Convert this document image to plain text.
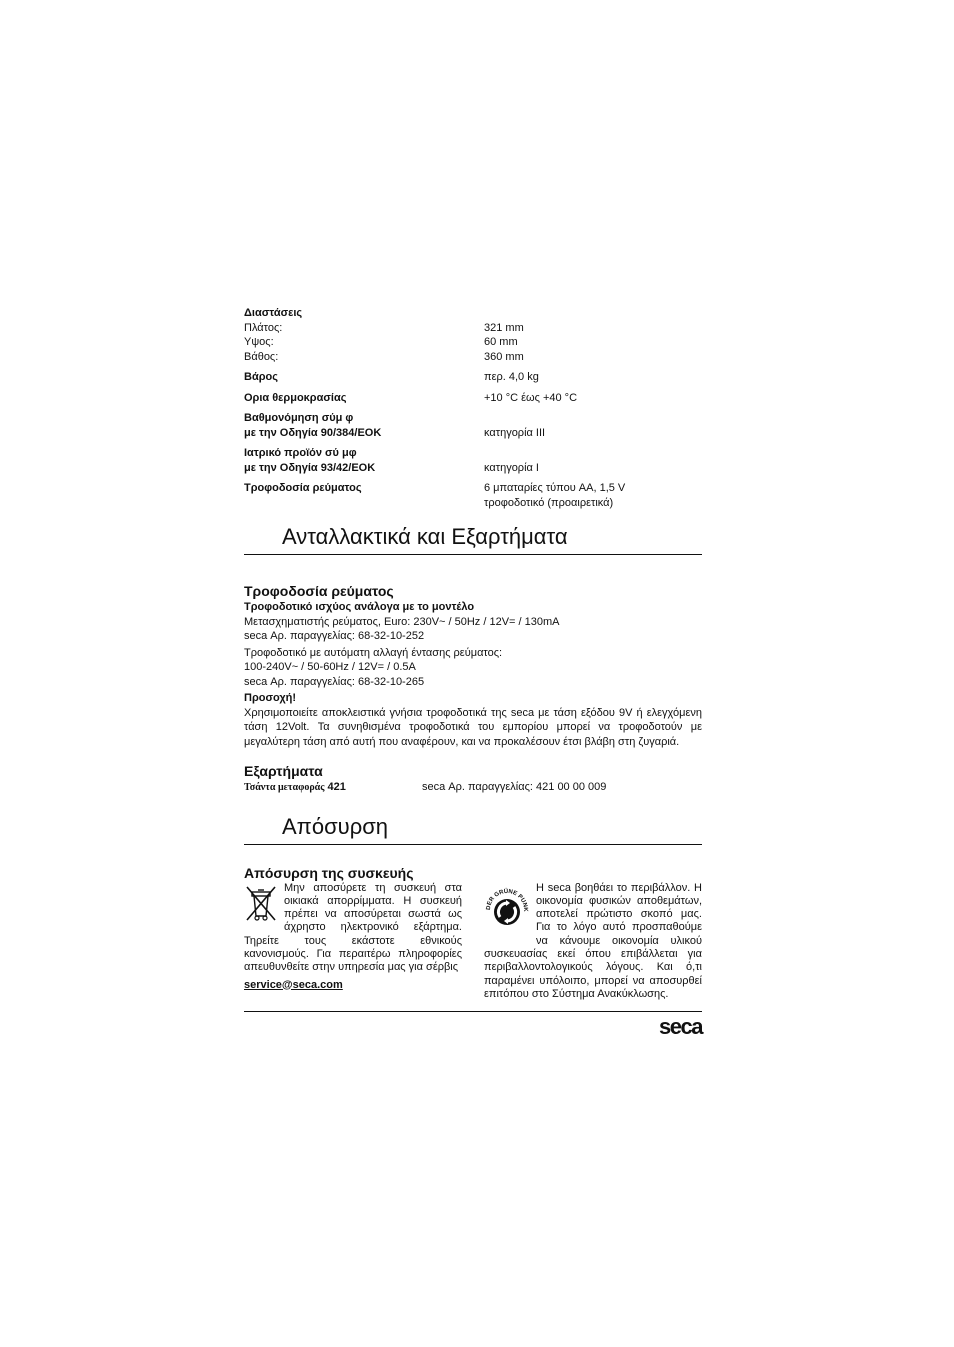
Διαστάσεις
Πλάτος:	321 mm
Υψος:	60 mm
Βάθος:	360 mm
Βάρος	περ. 4,0 kg
Ορια θερμοκρασίας	+10 °C έως +40 °C
Βαθμονόμηση σύμ φ
με την Οδηγία 90/384/ΕΟΚ	κατηγορία III
Ιατρικό προϊόν σύ μφ
με την Οδηγία 93/42/ΕΟΚ	κατηγορία I
Τροφοδοσία ρεύματος	6 μπαταρίες τύπου AA, 1,5 V
τροφοδοτικό (προαιρετικά)
Ανταλλακτικά και Εξαρτήματα
Τροφοδοσία ρεύματος
Τροφοδοτικό ισχύος ανάλογα με το μοντέλο

Μετασχηματιστής ρεύματος, Euro: 230V~ / 50Hz / 12V= / 130mA

seca Αρ. παραγγελίας: 68-32-10-252

Τροφοδοτικό με αυτόματη αλλαγή έντασης ρεύματος:

100-240V~ / 50-60Hz / 12V= / 0.5A

seca Αρ. παραγγελίας: 68-32-10-265

Προσοχή!

Χρησιμοποιείτε αποκλειστικά γνήσια τροφοδοτικά της seca με τάση εξόδου 9V ή ελεγχόμενη τάση 12Volt. Τα συνηθισμένα τροφοδοτικά του εμπορίου μπορεί να τροφοδοτούν με μεγαλύτερη τάση από αυτή που αναφέρουν, και να προκαλέσουν έτσι βλάβη στη ζυγαριά.

Εξαρτήματα
Τσάντα μεταφοράς 421	seca Αρ. παραγγελίας: 421 00 00 009
Απόσυρση
Απόσυρση της συσκευής
Μην αποσύρετε τη συσκευή στα οικιακά απορρίμματα. Η συσκευή πρέπει να αποσύρεται σωστά ως άχρηστο ηλεκτρονικό εξάρτημα. Τηρείτε τους εκάστοτε εθνικούς κανονισμούς. Για περαιτέρω πληροφορίες απευθυνθείτε στην υπηρεσία μας για σέρβις
service@seca.com
DER GRÜNE PUNK
Η seca βοηθάει το περιβάλλον. Η οικονομία φυσικών αποθεμάτων, αποτελεί πρώτιστο σκοπό μας. Για το λόγο αυτό προσπαθούμε να κάνουμε οικονομία υλικού συσκευασίας εκεί όπου επιβάλλεται για περιβαλλοντολογικούς λόγους. Και ό,τι παραμένει υπόλοιπο, μπορεί να αποσυρθεί επιτόπου στο Σύστημα Ανακύκλωσης.
seca
